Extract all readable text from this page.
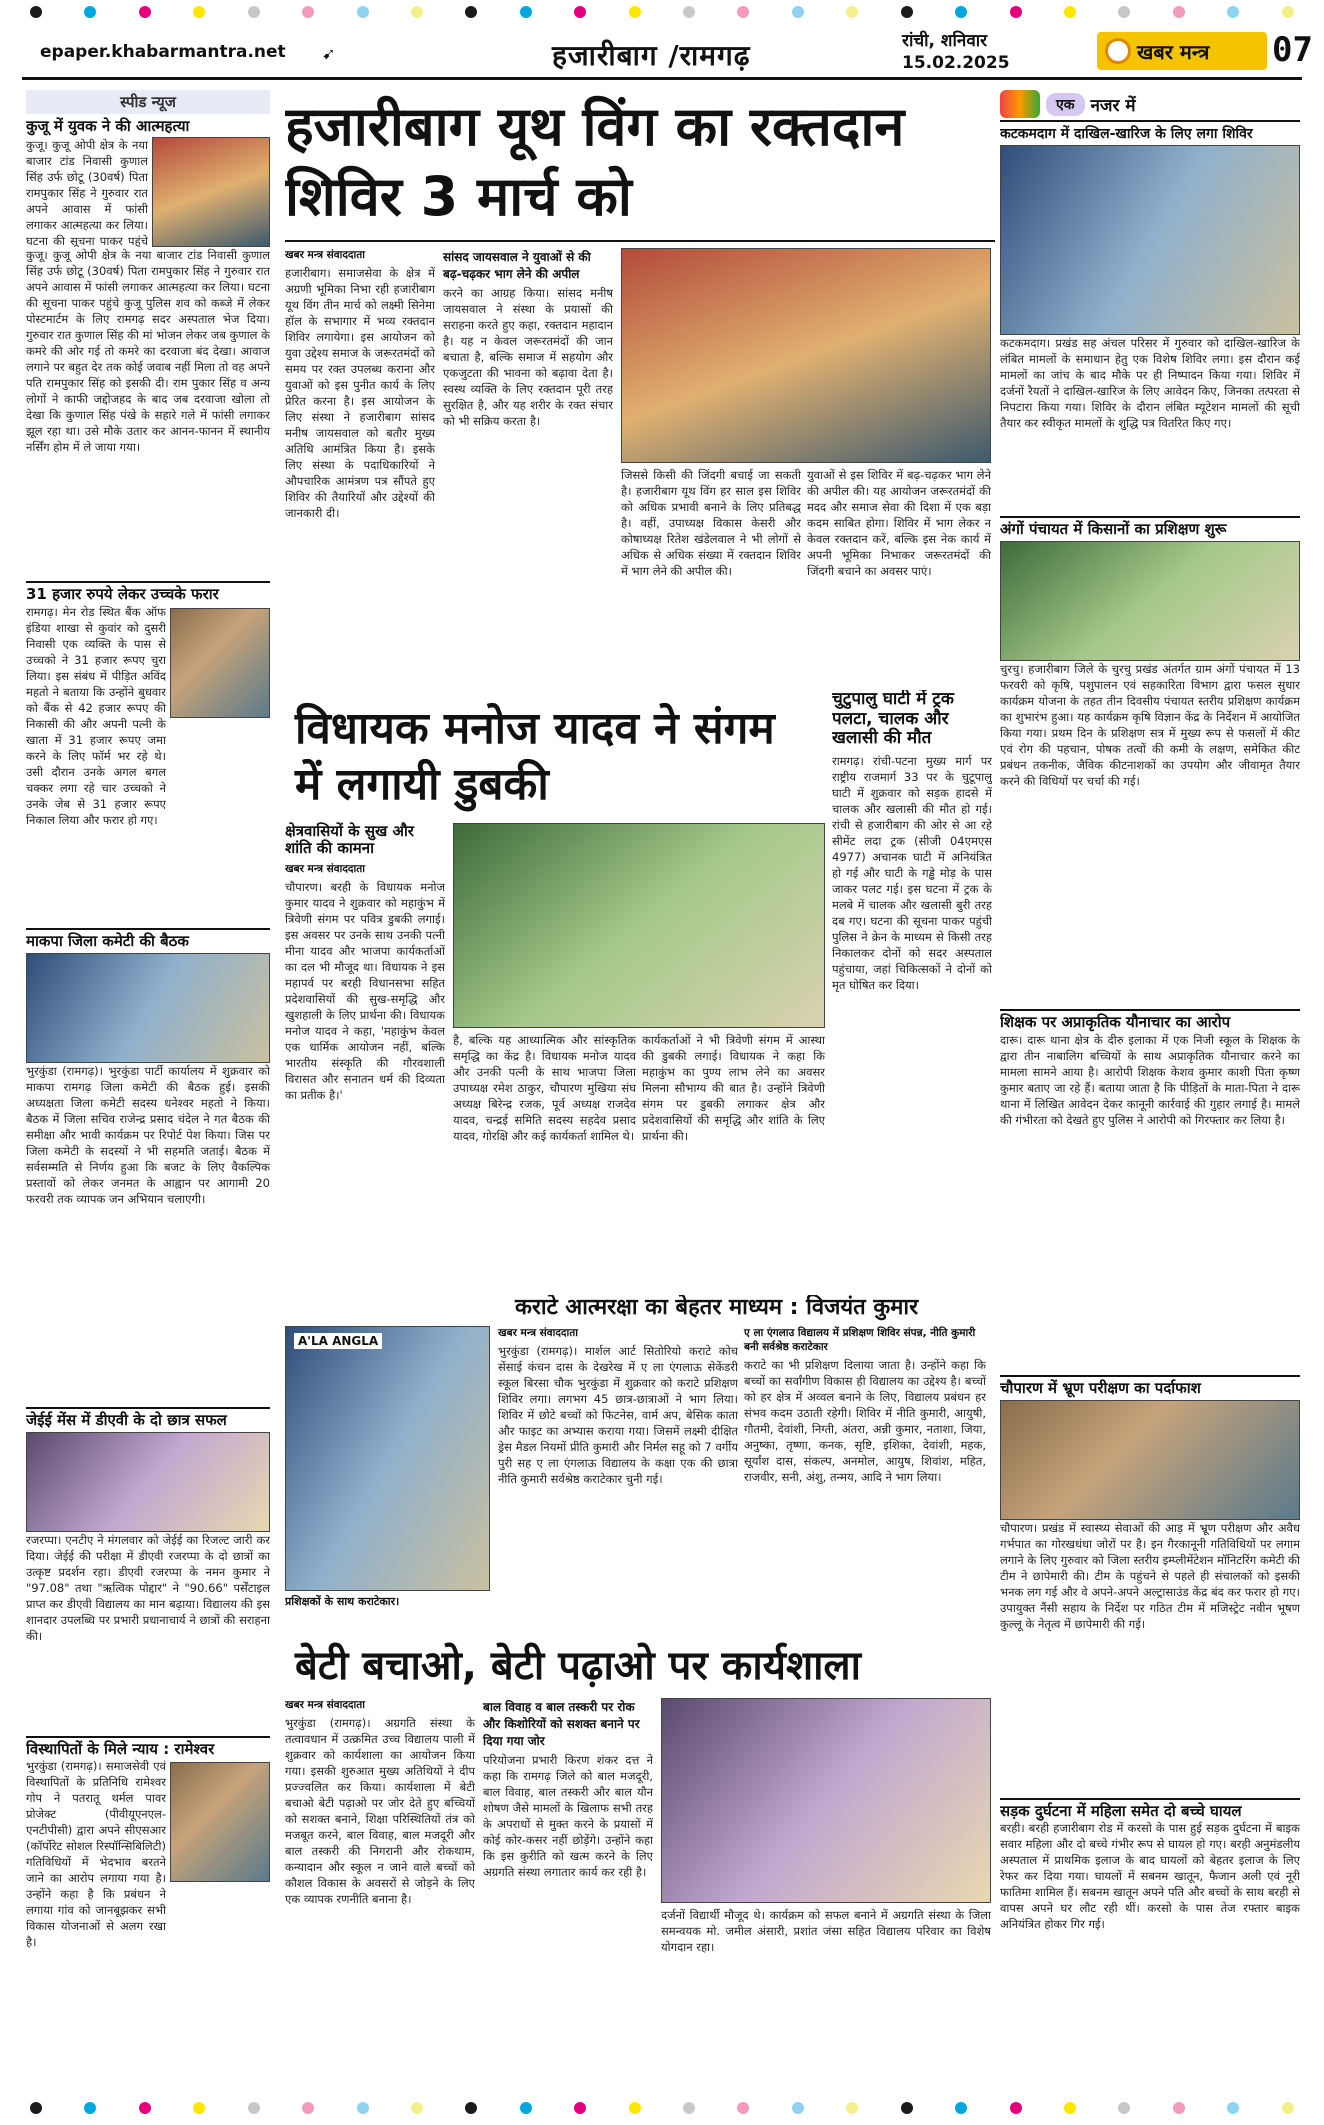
epaper.khabarmantra.net ➹	हजारीबाग /रामगढ़	रांची, शनिवार
15.02.2025	खबर मन्त्र 07
स्पीड न्यूज
कुजू में युवक ने की आत्महत्या
कुजू। कुजू ओपी क्षेत्र के नया बाजार टांड निवासी कुणाल सिंह उर्फ छोटू (30वर्ष) पिता रामपुकार सिंह ने गुरुवार रात अपने आवास में फांसी लगाकर आत्महत्या कर लिया। घटना की सूचना पाकर पहुंचे
कुजू। कुजू ओपी क्षेत्र के नया बाजार टांड निवासी कुणाल सिंह उर्फ छोटू (30वर्ष) पिता रामपुकार सिंह ने गुरुवार रात अपने आवास में फांसी लगाकर आत्महत्या कर लिया। घटना की सूचना पाकर पहुंचे कुजू पुलिस शव को कब्जे में लेकर पोस्टमार्टम के लिए रामगढ़ सदर अस्पताल भेज दिया। गुरुवार रात कुणाल सिंह की मां भोजन लेकर जब कुणाल के कमरे की ओर गई तो कमरे का दरवाजा बंद देखा। आवाज लगाने पर बहुत देर तक कोई जवाब नहीं मिला तो वह अपने पति रामपुकार सिंह को इसकी दी। राम पुकार सिंह व अन्य लोगों ने काफी जद्दोजहद के बाद जब दरवाजा खोला तो देखा कि कुणाल सिंह पंखे के सहारे गले में फांसी लगाकर झूल रहा था। उसे मौके उतार कर आनन-फानन में स्थानीय नर्सिंग होम में ले जाया गया।
31 हजार रुपये लेकर उच्चके फरार
रामगढ़। मेन रोड स्थित बैंक ऑफ इंडिया शाखा से कुवांर को दुसरी निवासी एक व्यक्ति के पास से उच्चको ने 31 हजार रूपए चुरा लिया। इस संबंध में पीड़ित अविंद महतो ने बताया कि उन्होंने बुधवार को बैंक से 42 हजार रूपए की निकासी की और अपनी पत्नी के खाता में 31 हजार रूपए जमा करने के लिए फॉर्म भर रहे थे। उसी दौरान उनके अगल बगल चक्कर लगा रहे चार उच्चको ने उनके जेब से 31 हजार रूपए निकाल लिया और फरार हो गए।
माकपा जिला कमेटी की बैठक
भुरकुंडा (रामगढ़)। भुरकुंडा पार्टी कार्यालय में शुक्रवार को माकपा रामगढ़ जिला कमेटी की बैठक हुई। इसकी अध्यक्षता जिला कमेटी सदस्य धनेश्वर महतो ने किया। बैठक में जिला सचिव राजेन्द्र प्रसाद चंदेल ने गत बैठक की समीक्षा और भावी कार्यक्रम पर रिपोर्ट पेश किया। जिस पर जिला कमेटी के सदस्यों ने भी सहमति जताई। बैठक में सर्वसम्मति से निर्णय हुआ कि बजट के लिए वैकल्पिक प्रस्तावों को लेकर जनमत के आह्वान पर आगामी 20 फरवरी तक व्यापक जन अभियान चलाएगी।
जेईई मेंस में डीएवी के दो छात्र सफल
रजरप्पा। एनटीए ने मंगलवार को जेईई का रिजल्ट जारी कर दिया। जेईई की परीक्षा में डीएवी रजरप्पा के दो छात्रों का उत्कृष्ट प्रदर्शन रहा। डीएवी रजरप्पा के नमन कुमार ने "97.08" तथा "ऋत्विक पोद्दार" ने "90.66" पर्सेंटाइल प्राप्त कर डीएवी विद्यालय का मान बढ़ाया। विद्यालय की इस शानदार उपलब्धि पर प्रभारी प्रधानाचार्य ने छात्रों की सराहना की।
विस्थापितों के मिले न्याय : रामेश्वर
भुरकुंडा (रामगढ़)। समाजसेवी एवं विस्थापितों के प्रतिनिधि रामेश्वर गोप ने पतरातू थर्मल पावर प्रोजेक्ट (पीवीयूएनएल-एनटीपीसी) द्वारा अपने सीएसआर (कॉर्पोरेट सोशल रिस्पॉन्सिबिलिटी) गतिविधियों में भेदभाव बरतने जाने का आरोप लगाया गया है। उन्होंने कहा है कि प्रबंधन ने लगाया गांव को जानबूझकर सभी विकास योजनाओं से अलग रखा है।
हजारीबाग यूथ विंग का रक्तदान शिविर 3 मार्च को
खबर मन्त्र संवाददाता
हजारीबाग। समाजसेवा के क्षेत्र में अग्रणी भूमिका निभा रही हजारीबाग यूथ विंग तीन मार्च को लक्ष्मी सिनेमा हॉल के सभागार में भव्य रक्तदान शिविर लगायेगा। इस आयोजन को युवा उद्देश्य समाज के जरूरतमंदों को समय पर रक्त उपलब्ध कराना और युवाओं को इस पुनीत कार्य के लिए प्रेरित करना है। इस आयोजन के लिए संस्था ने हजारीबाग सांसद मनीष जायसवाल को बतौर मुख्य अतिथि आमंत्रित किया है। इसके लिए संस्था के पदाधिकारियों ने औपचारिक आमंत्रण पत्र सौंपते हुए शिविर की तैयारियों और उद्देश्यों की जानकारी दी।
सांसद जायसवाल ने युवाओं से की बढ़-चढ़कर भाग लेने की अपील
करने का आग्रह किया। सांसद मनीष जायसवाल ने संस्था के प्रयासों की सराहना करते हुए कहा, रक्तदान महादान है। यह न केवल जरूरतमंदों की जान बचाता है, बल्कि समाज में सहयोग और एकजुटता की भावना को बढ़ावा देता है। स्वस्थ व्यक्ति के लिए रक्तदान पूरी तरह सुरक्षित है, और यह शरीर के रक्त संचार को भी सक्रिय करता है।
जिससे किसी की जिंदगी बचाई जा सकती है। हजारीबाग यूथ विंग हर साल इस शिविर को अधिक प्रभावी बनाने के लिए प्रतिबद्ध है। वहीं, उपाध्यक्ष विकास केसरी और कोषाध्यक्ष रितेश खंडेलवाल ने भी लोगों से अधिक से अधिक संख्या में रक्तदान शिविर में भाग लेने की अपील की।
युवाओं से इस शिविर में बढ़-चढ़कर भाग लेने की अपील की। यह आयोजन जरूरतमंदों की मदद और समाज सेवा की दिशा में एक बड़ा कदम साबित होगा। शिविर में भाग लेकर न केवल रक्तदान करें, बल्कि इस नेक कार्य में अपनी भूमिका निभाकर जरूरतमंदों की जिंदगी बचाने का अवसर पाएं।
विधायक मनोज यादव ने संगम में लगायी डुबकी
क्षेत्रवासियों के सुख और शांति की कामना
खबर मन्त्र संवाददाता
चौपारण। बरही के विधायक मनोज कुमार यादव ने शुक्रवार को महाकुंभ में त्रिवेणी संगम पर पवित्र डुबकी लगाई। इस अवसर पर उनके साथ उनकी पत्नी मीना यादव और भाजपा कार्यकर्ताओं का दल भी मौजूद था। विधायक ने इस महापर्व पर बरही विधानसभा सहित प्रदेशवासियों की सुख-समृद्धि और खुशहाली के लिए प्रार्थना की। विधायक मनोज यादव ने कहा, 'महाकुंभ केवल एक धार्मिक आयोजन नहीं, बल्कि भारतीय संस्कृति की गौरवशाली विरासत और सनातन धर्म की दिव्यता का प्रतीक है।'
है, बल्कि यह आध्यात्मिक और सांस्कृतिक समृद्धि का केंद्र है। विधायक मनोज यादव और उनकी पत्नी के साथ भाजपा जिला उपाध्यक्ष रमेश ठाकुर, चौपारण मुखिया संघ अध्यक्ष बिरेन्द्र रजक, पूर्व अध्यक्ष राजदेव यादव, चन्द्रई समिति सदस्य सहदेव प्रसाद यादव, गोरक्षि और कई कार्यकर्ता शामिल थे।
कार्यकर्ताओं ने भी त्रिवेणी संगम में आस्था की डुबकी लगाई। विधायक ने कहा कि महाकुंभ का पुण्य लाभ लेने का अवसर मिलना सौभाग्य की बात है। उन्होंने त्रिवेणी संगम पर डुबकी लगाकर क्षेत्र और प्रदेशवासियों की समृद्धि और शांति के लिए प्रार्थना की।
चुटुपालु घाटी में ट्रक पलटा, चालक और खलासी की मौत
रामगढ़। रांची-पटना मुख्य मार्ग पर राष्ट्रीय राजमार्ग 33 पर के चुटूपालु घाटी में शुक्रवार को सड़क हादसे में चालक और खलासी की मौत हो गई। रांची से हजारीबाग की ओर से आ रहे सीमेंट लदा ट्रक (सीजी 04एमएस 4977) अचानक घाटी में अनियंत्रित हो गई और घाटी के गड्ढे मोड़ के पास जाकर पलट गई। इस घटना में ट्रक के मलबे में चालक और खलासी बुरी तरह दब गए। घटना की सूचना पाकर पहुंची पुलिस ने क्रेन के माध्यम से किसी तरह निकालकर दोनों को सदर अस्पताल पहुंचाया, जहां चिकित्सकों ने दोनों को मृत घोषित कर दिया।
कराटे आत्मरक्षा का बेहतर माध्यम : विजयंत कुमार
A'LA ANGLA
प्रशिक्षकों के साथ कराटेकार।
खबर मन्त्र संवाददाता
भुरकुंडा (रामगढ़)। मार्शल आर्ट सितोरियो कराटे कोच सेंसाई कंचन दास के देखरेख में ए ला एंगलाऊ सेकेंडरी स्कूल बिरसा चौक भुरकुंडा में शुक्रवार को कराटे प्रशिक्षण शिविर लगा। लगभग 45 छात्र-छात्राओं ने भाग लिया। शिविर में छोटे बच्चों को फिटनेस, वार्म अप, बेसिक काता और फाइट का अभ्यास कराया गया। जिसमें लक्ष्मी दीक्षित ड्रेस मैडल नियमों प्रीति कुमारी और निर्मल सहू को 7 वर्गीय पुरी सह ए ला एंगलाऊ विद्यालय के कक्षा एक की छात्रा नीति कुमारी सर्वश्रेष्ठ कराटेकार चुनी गई।
ए ला एंगलाउ विद्यालय में प्रशिक्षण शिविर संपन्न, नीति कुमारी बनी सर्वश्रेष्ठ कराटेकार
कराटे का भी प्रशिक्षण दिलाया जाता है। उन्होंने कहा कि बच्चों का सर्वांगीण विकास ही विद्यालय का उद्देश्य है। बच्चों को हर क्षेत्र में अव्वल बनाने के लिए, विद्यालय प्रबंधन हर संभव कदम उठाती रहेगी। शिविर में नीति कुमारी, आयुषी, गौतमी, देवांशी, निग्ती, अंतरा, अन्नी कुमार, नताशा, जिया, अनुष्का, तृष्णा, कनक, सृष्टि, इशिका, देवांशी, महक, सूर्यांश दास, संकल्प, अनमोल, आयुष, शिवांश, महित, राजवीर, सनी, अंशु, तन्मय, आदि ने भाग लिया।
बेटी बचाओ, बेटी पढ़ाओ पर कार्यशाला
खबर मन्त्र संवाददाता
भुरकुंडा (रामगढ़)। अग्रगति संस्था के तत्वावधान में उत्क्रमित उच्च विद्यालय पाली में शुक्रवार को कार्यशाला का आयोजन किया गया। इसकी शुरुआत मुख्य अतिथियों ने दीप प्रज्ज्वलित कर किया। कार्यशाला में बेटी बचाओ बेटी पढ़ाओ पर जोर देते हुए बच्चियों को सशक्त बनाने, शिक्षा परिस्थितियों तंत्र को मजबूत करने, बाल विवाह, बाल मजदूरी और बाल तस्करी की निगरानी और रोकथाम, कन्यादान और स्कूल न जाने वाले बच्चों को कौशल विकास के अवसरों से जोड़ने के लिए एक व्यापक रणनीति बनाना है।
बाल विवाह व बाल तस्करी पर रोक और किशोरियों को सशक्त बनाने पर दिया गया जोर
परियोजना प्रभारी किरण शंकर दत्त ने कहा कि रामगढ़ जिले को बाल मजदूरी, बाल विवाह, बाल तस्करी और बाल यौन शोषण जैसे मामलों के खिलाफ सभी तरह के अपराधों से मुक्त करने के प्रयासों में कोई कोर-कसर नहीं छोड़ेंगे। उन्होंने कहा कि इस कुरीति को खत्म करने के लिए अग्रगति संस्था लगातार कार्य कर रही है।
दर्जनों विद्यार्थी मौजूद थे। कार्यक्रम को सफल बनाने में अग्रगति संस्था के जिला समन्वयक मो. जमील अंसारी, प्रशांत जंसा सहित विद्यालय परिवार का विशेष योगदान रहा।
एक नजर में
कटकमदाग में दाखिल-खारिज के लिए लगा शिविर
कटकमदाग। प्रखंड सह अंचल परिसर में गुरुवार को दाखिल-खारिज के लंबित मामलों के समाधान हेतु एक विशेष शिविर लगा। इस दौरान कई मामलों का जांच के बाद मौके पर ही निष्पादन किया गया। शिविर में दर्जनों रैयतों ने दाखिल-खारिज के लिए आवेदन किए, जिनका तत्परता से निपटारा किया गया। शिविर के दौरान लंबित म्यूटेशन मामलों की सूची तैयार कर स्वीकृत मामलों के शुद्धि पत्र वितरित किए गए।
अंगों पंचायत में किसानों का प्रशिक्षण शुरू
चुरचु। हजारीबाग जिले के चुरचु प्रखंड अंतर्गत ग्राम अंगों पंचायत में 13 फरवरी को कृषि, पशुपालन एवं सहकारिता विभाग द्वारा फसल सुधार कार्यक्रम योजना के तहत तीन दिवसीय पंचायत स्तरीय प्रशिक्षण कार्यक्रम का शुभारंभ हुआ। यह कार्यक्रम कृषि विज्ञान केंद्र के निर्देशन में आयोजित किया गया। प्रथम दिन के प्रशिक्षण सत्र में मुख्य रूप से फसलों में कीट एवं रोग की पहचान, पोषक तत्वों की कमी के लक्षण, समेकित कीट प्रबंधन तकनीक, जैविक कीटनाशकों का उपयोग और जीवामृत तैयार करने की विधियों पर चर्चा की गई।
शिक्षक पर अप्राकृतिक यौनाचार का आरोप
दारू। दारू थाना क्षेत्र के दीरु इलाका में एक निजी स्कूल के शिक्षक के द्वारा तीन नाबालिग बच्चियों के साथ अप्राकृतिक यौनाचार करने का मामला सामने आया है। आरोपी शिक्षक केशव कुमार काशी पिता कृष्ण कुमार बताए जा रहे हैं। बताया जाता है कि पीड़ितों के माता-पिता ने दारू थाना में लिखित आवेदन देकर कानूनी कार्रवाई की गुहार लगाई है। मामले की गंभीरता को देखते हुए पुलिस ने आरोपी को गिरफ्तार कर लिया है।
चौपारण में भ्रूण परीक्षण का पर्दाफाश
चौपारण। प्रखंड में स्वास्थ्य सेवाओं की आड़ में भ्रूण परीक्षण और अवैध गर्भपात का गोरखधंधा जोरों पर है। इन गैरकानूनी गतिविधियों पर लगाम लगाने के लिए गुरुवार को जिला स्तरीय इम्प्लीमेंटेशन मॉनिटरिंग कमेटी की टीम ने छापेमारी की। टीम के पहुंचने से पहले ही संचालकों को इसकी भनक लग गई और वे अपने-अपने अल्ट्रासाउंड केंद्र बंद कर फरार हो गए। उपायुक्त नैंसी सहाय के निर्देश पर गठित टीम में मजिस्ट्रेट नवीन भूषण कुल्लू के नेतृत्व में छापेमारी की गई।
सड़क दुर्घटना में महिला समेत दो बच्चे घायल
बरही। बरही हजारीबाग रोड में करसो के पास हुई सड़क दुर्घटना में बाइक सवार महिला और दो बच्चे गंभीर रूप से घायल हो गए। बरही अनुमंडलीय अस्पताल में प्राथमिक इलाज के बाद घायलों को बेहतर इलाज के लिए रेफर कर दिया गया। घायलों में सबनम खातून, फैजान अली एवं नूरी फातिमा शामिल हैं। सबनम खातून अपने पति और बच्चों के साथ बरही से वापस अपने घर लौट रही थीं। करसो के पास तेज रफ्तार बाइक अनियंत्रित होकर गिर गई।
